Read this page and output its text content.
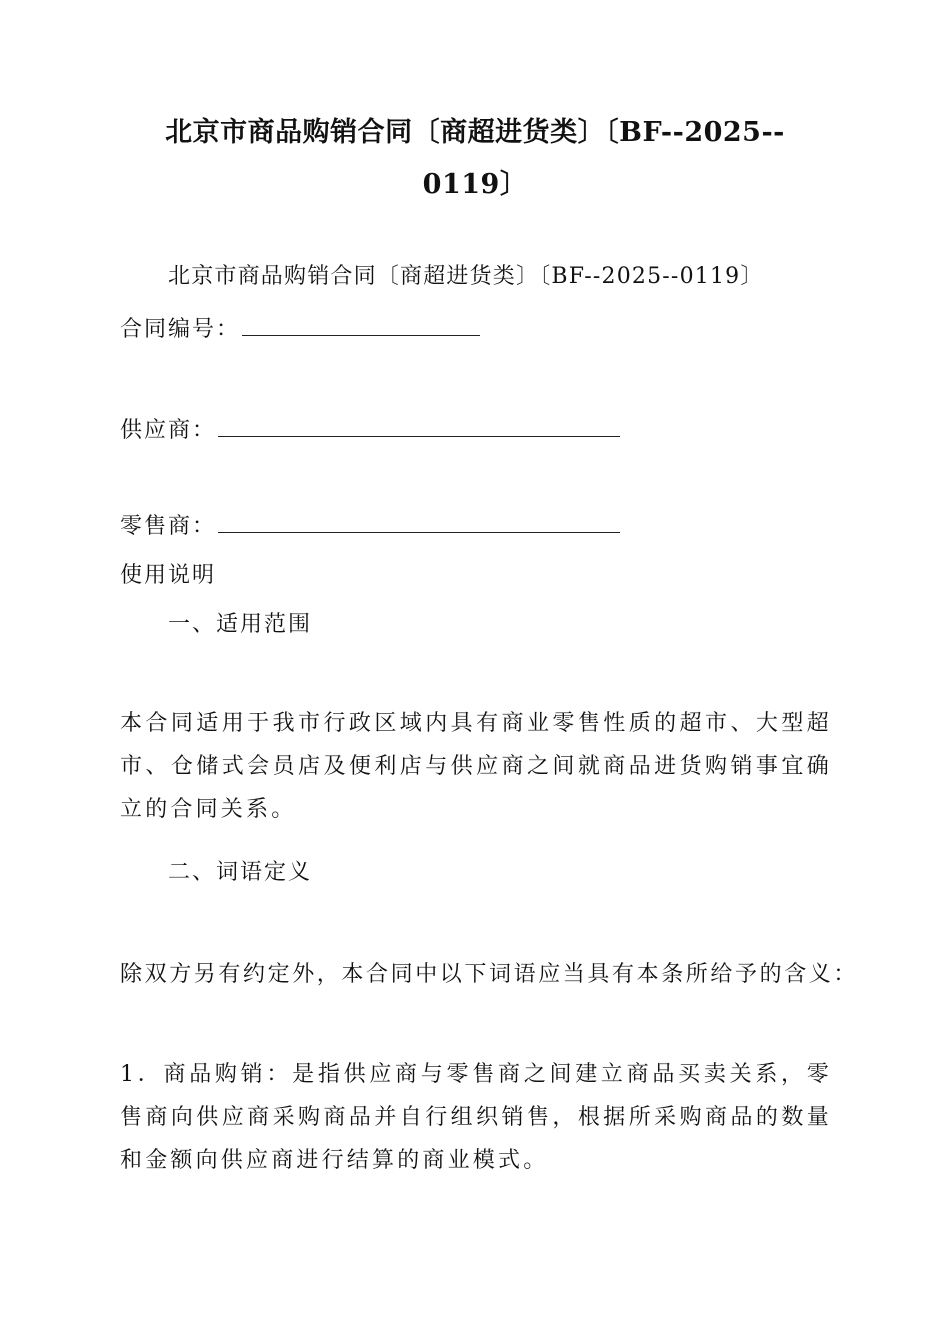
北京市商品购销合同〔商超进货类〕〔BF--2025--
0119〕
北京市商品购销合同〔商超进货类〕〔BF--2025--0119〕
合同编号：
供应商：
零售商：
使用说明
一、适用范围
本合同适用于我市行政区域内具有商业零售性质的超市、大型超市、仓储式会员店及便利店与供应商之间就商品进货购销事宜确立的合同关系。
二、词语定义
除双方另有约定外，本合同中以下词语应当具有本条所给予的含义：
1．商品购销：是指供应商与零售商之间建立商品买卖关系，零售商向供应商采购商品并自行组织销售，根据所采购商品的数量和金额向供应商进行结算的商业模式。
